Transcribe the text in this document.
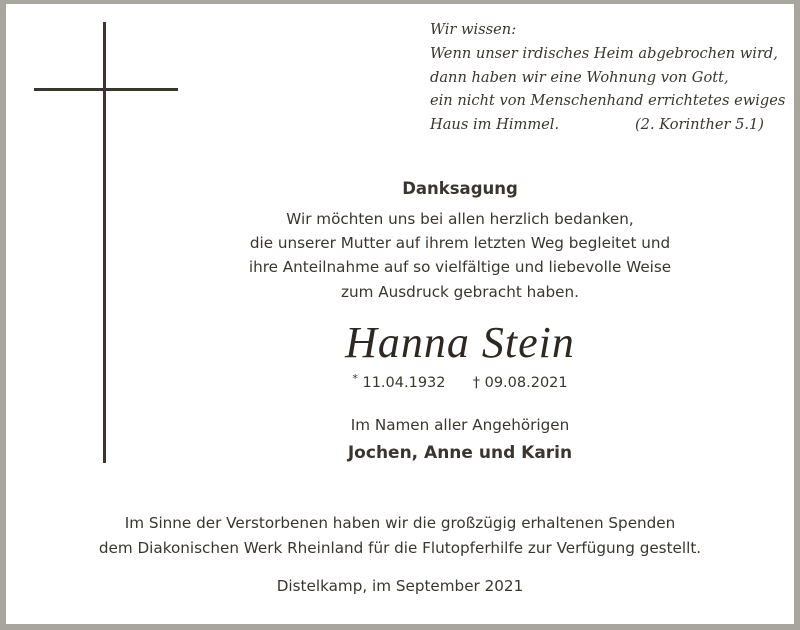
Wir wissen:
Wenn unser irdisches Heim abgebrochen wird,
dann haben wir eine Wohnung von Gott,
ein nicht von Menschenhand errichtetes ewiges
Haus im Himmel.	(2. Korinther 5.1)
Danksagung
Wir möchten uns bei allen herzlich bedanken,
die unserer Mutter auf ihrem letzten Weg begleitet und
ihre Anteilnahme auf so vielfältige und liebevolle Weise
zum Ausdruck gebracht haben.
Hanna Stein
* 11.04.1932 † 09.08.2021
Im Namen aller Angehörigen
Jochen, Anne und Karin
Im Sinne der Verstorbenen haben wir die großzügig erhaltenen Spenden
dem Diakonischen Werk Rheinland für die Flutopferhilfe zur Verfügung gestellt.
Distelkamp, im September 2021
